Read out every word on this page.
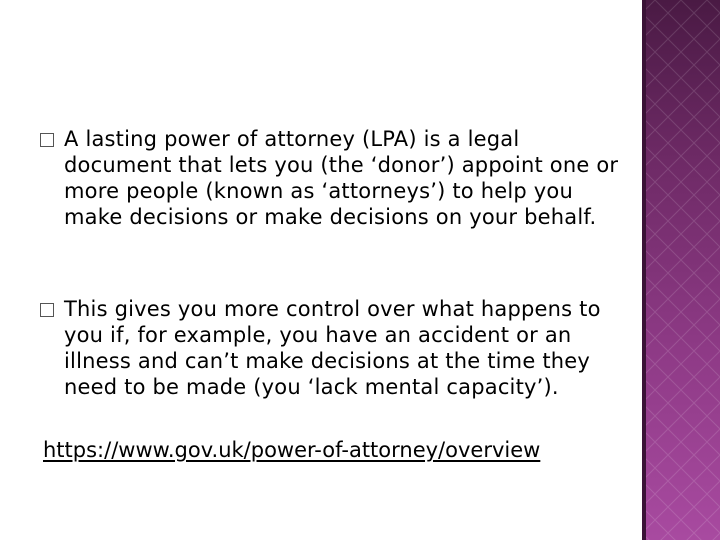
A lasting power of attorney (LPA) is a legal document that lets you (the ‘donor’) appoint one or more people (known as ‘attorneys’) to help you make decisions or make decisions on your behalf.
This gives you more control over what happens to you if, for example, you have an accident or an illness and can’t make decisions at the time they need to be made (you ‘lack mental capacity’).
https://www.gov.uk/power-of-attorney/overview
